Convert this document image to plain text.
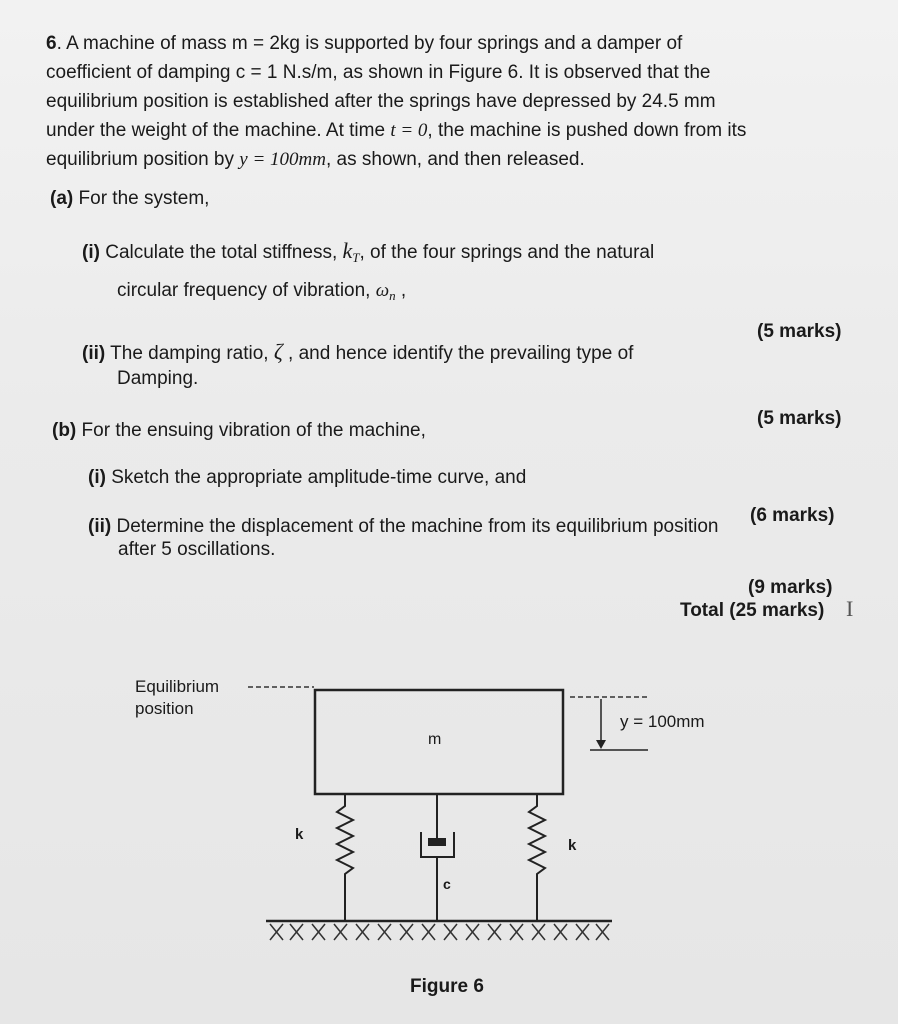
6. A machine of mass m = 2kg is supported by four springs and a damper of
coefficient of damping c = 1 N.s/m, as shown in Figure 6. It is observed that the
equilibrium position is established after the springs have depressed by 24.5 mm
under the weight of the machine. At time t = 0, the machine is pushed down from its
equilibrium position by y = 100mm, as shown, and then released.
(a) For the system,
(i) Calculate the total stiffness, $k_T$, of the four springs and the natural
circular frequency of vibration, $\omega_n$ ,
(5 marks)
(ii) The damping ratio, ζ , and hence identify the prevailing type of
Damping.
(5 marks)
(b) For the ensuing vibration of the machine,
(i) Sketch the appropriate amplitude-time curve, and
(6 marks)
(ii) Determine the displacement of the machine from its equilibrium position
after 5 oscillations.
(9 marks)
Total (25 marks) I
Equilibrium
position
m
y = 100mm
k
k
c
Figure 6
